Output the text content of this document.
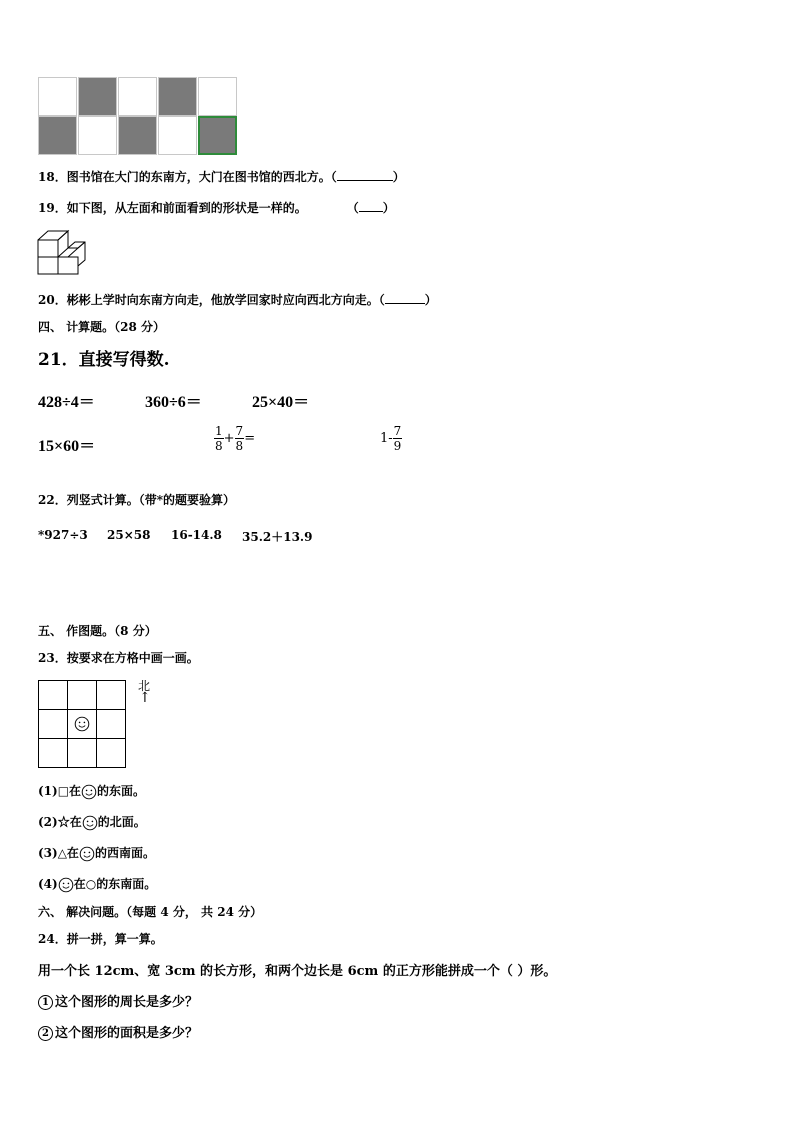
18．图书馆在大门的东南方，大门在图书馆的西北方。（	）
19．如下图，从左面和前面看到的形状是一样的。	（ ）
20．彬彬上学时向东南方向走，他放学回家时应向西北方向走。（	）
四、 计算题。（28 分）
21．直接写得数.
428÷4＝	360÷6＝	25×40＝
15×60＝	$\frac{1}{8} + \frac{7}{8}$ =	$1- \frac{7}{9}$
22．列竖式计算。（带*的题要验算）
*927÷3 25×58 16-14.8 35.2＋13.9
五、 作图题。（8 分）
23．按要求在方格中画一画。
北
↑
(1)□在 的东面。
(2)☆在 的北面。
(3)△在 的西南面。
(4) 在○的东南面。
六、 解决问题。（每题 4 分， 共 24 分）
24．拼一拼，算一算。
用一个长 12cm、宽 3cm 的长方形，和两个边长是 6cm 的正方形能拼成一个（ ）形。
1 这个图形的周长是多少？
2 这个图形的面积是多少？
